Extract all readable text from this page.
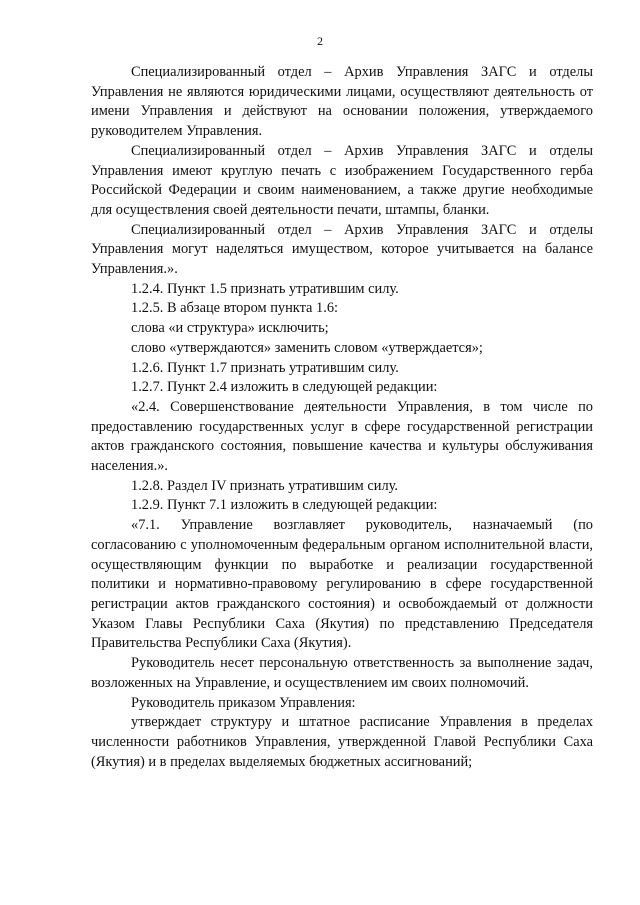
2

Специализированный отдел – Архив Управления ЗАГС и отделы Управления не являются юридическими лицами, осуществляют деятельность от имени Управления и действуют на основании положения, утверждаемого руководителем Управления.

Специализированный отдел – Архив Управления ЗАГС и отделы Управления имеют круглую печать с изображением Государственного герба Российской Федерации и своим наименованием, а также другие необходимые для осуществления своей деятельности печати, штампы, бланки.

Специализированный отдел – Архив Управления ЗАГС и отделы Управления могут наделяться имуществом, которое учитывается на балансе Управления.».

1.2.4. Пункт 1.5 признать утратившим силу.

1.2.5. В абзаце втором пункта 1.6:

слова «и структура» исключить;

слово «утверждаются» заменить словом «утверждается»;

1.2.6. Пункт 1.7 признать утратившим силу.

1.2.7. Пункт 2.4 изложить в следующей редакции:

«2.4. Совершенствование деятельности Управления, в том числе по предоставлению государственных услуг в сфере государственной регистрации актов гражданского состояния, повышение качества и культуры обслуживания населения.».

1.2.8. Раздел IV признать утратившим силу.

1.2.9. Пункт 7.1 изложить в следующей редакции:

«7.1. Управление возглавляет руководитель, назначаемый (по согласованию с уполномоченным федеральным органом исполнительной власти, осуществляющим функции по выработке и реализации государственной политики и нормативно-правовому регулированию в сфере государственной регистрации актов гражданского состояния) и освобождаемый от должности Указом Главы Республики Саха (Якутия) по представлению Председателя Правительства Республики Саха (Якутия).

Руководитель несет персональную ответственность за выполнение задач, возложенных на Управление, и осуществлением им своих полномочий.

Руководитель приказом Управления:

утверждает структуру и штатное расписание Управления в пределах численности работников Управления, утвержденной Главой Республики Саха (Якутия) и в пределах выделяемых бюджетных ассигнований;
